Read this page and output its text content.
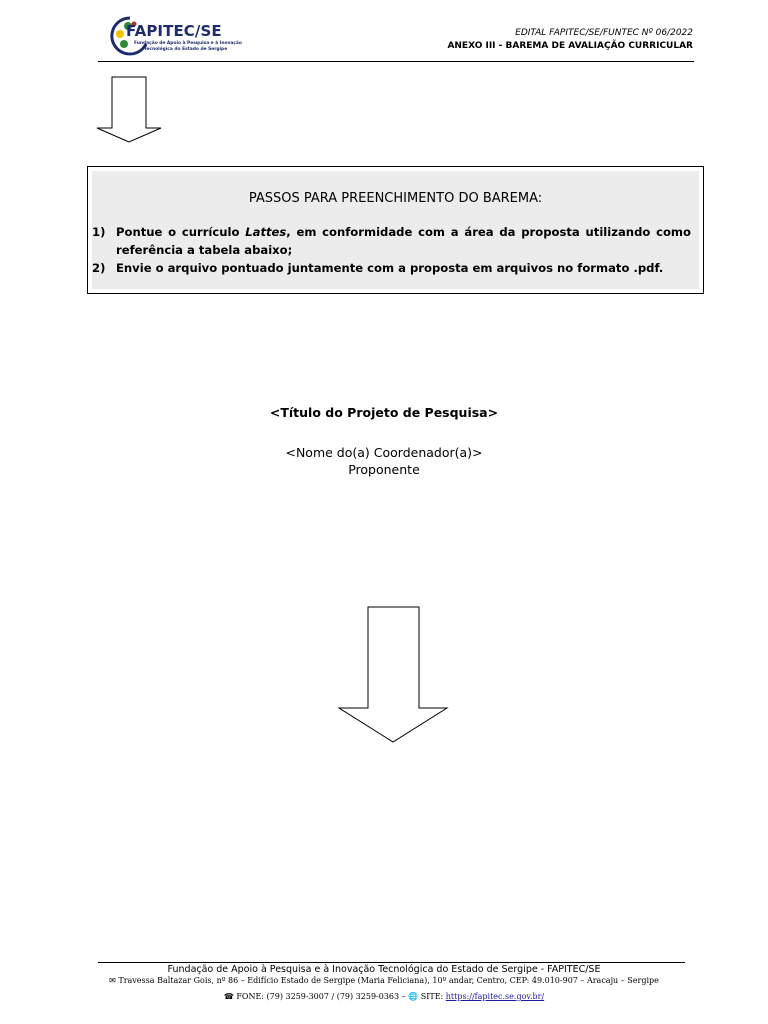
FAPITEC/SE
Fundação de Apoio à Pesquisa e à Inovação
Tecnológica do Estado de Sergipe
EDITAL FAPITEC/SE/FUNTEC Nº 06/2022
ANEXO III - BAREMA DE AVALIAÇÃO CURRICULAR
PASSOS PARA PREENCHIMENTO DO BAREMA:
1) Pontue o currículo Lattes, em conformidade com a área da proposta utilizando como referência a tabela abaixo;
2) Envie o arquivo pontuado juntamente com a proposta em arquivos no formato .pdf.
<Título do Projeto de Pesquisa>
<Nome do(a) Coordenador(a)>
Proponente
Fundação de Apoio à Pesquisa e à Inovação Tecnológica do Estado de Sergipe - FAPITEC/SE
✉ Travessa Baltazar Gois, nº 86 – Edifício Estado de Sergipe (Maria Feliciana), 10º andar, Centro, CEP: 49.010-907 – Aracaju – Sergipe
☎ FONE: (79) 3259-3007 / (79) 3259-0363 – 🌐 SITE: https://fapitec.se.gov.br/
